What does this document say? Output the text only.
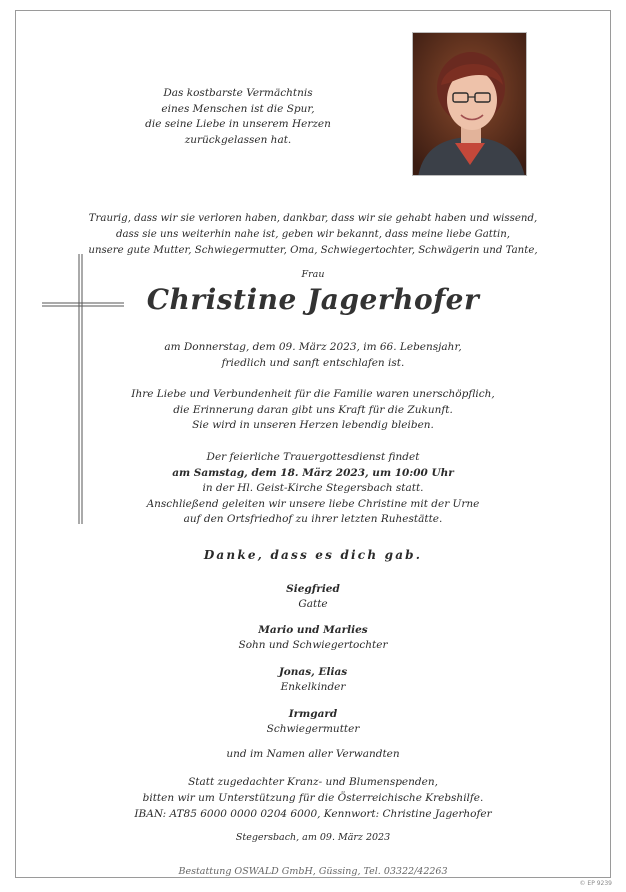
Das kostbarste Vermächtnis
eines Menschen ist die Spur,
die seine Liebe in unserem Herzen
zurückgelassen hat.
Traurig, dass wir sie verloren haben, dankbar, dass wir sie gehabt haben und wissend,
dass sie uns weiterhin nahe ist, geben wir bekannt, dass meine liebe Gattin,
unsere gute Mutter, Schwiegermutter, Oma, Schwiegertochter, Schwägerin und Tante,
Frau
Christine Jagerhofer
am Donnerstag, dem 09. März 2023, im 66. Lebensjahr,
friedlich und sanft entschlafen ist.
Ihre Liebe und Verbundenheit für die Familie waren unerschöpflich,
die Erinnerung daran gibt uns Kraft für die Zukunft.
Sie wird in unseren Herzen lebendig bleiben.
Der feierliche Trauergottesdienst findet
am Samstag, dem 18. März 2023, um 10:00 Uhr
in der Hl. Geist-Kirche Stegersbach statt.
Anschließend geleiten wir unsere liebe Christine mit der Urne
auf den Ortsfriedhof zu ihrer letzten Ruhestätte.
Danke, dass es dich gab.
Siegfried
Gatte
Mario und Marlies
Sohn und Schwiegertochter
Jonas, Elias
Enkelkinder
Irmgard
Schwiegermutter
und im Namen aller Verwandten
Statt zugedachter Kranz- und Blumenspenden,
bitten wir um Unterstützung für die Österreichische Krebshilfe.
IBAN: AT85 6000 0000 0204 6000, Kennwort: Christine Jagerhofer
Stegersbach, am 09. März 2023
Bestattung OSWALD GmbH, Güssing, Tel. 03322/42263
© EP 9239
